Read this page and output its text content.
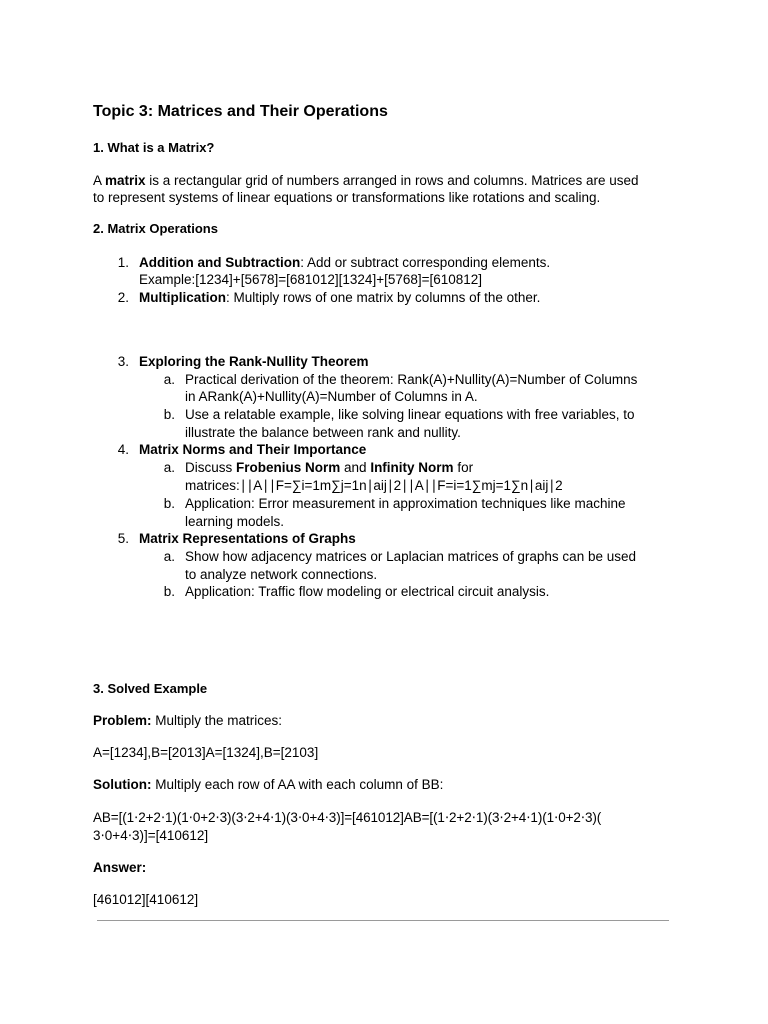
Topic 3: Matrices and Their Operations
1. What is a Matrix?
A matrix is a rectangular grid of numbers arranged in rows and columns. Matrices are used
to represent systems of linear equations or transformations like rotations and scaling.
2. Matrix Operations
1. Addition and Subtraction: Add or subtract corresponding elements.
Example:[1234]+[5678]=[681012][1324]+[5768]=[610812]
2. Multiplication: Multiply rows of one matrix by columns of the other.
3. Exploring the Rank-Nullity Theorem
a. Practical derivation of the theorem: Rank(A)+Nullity(A)=Number of Columns
in ARank(A)+Nullity(A)=Number of Columns in A.
b. Use a relatable example, like solving linear equations with free variables, to
illustrate the balance between rank and nullity.
4. Matrix Norms and Their Importance
a. Discuss Frobenius Norm and Infinity Norm for
matrices:∣∣A∣∣F=∑i=1m∑j=1n∣aij∣2∣∣A∣∣F=i=1∑mj=1∑n∣aij∣2
b. Application: Error measurement in approximation techniques like machine
learning models.
5. Matrix Representations of Graphs
a. Show how adjacency matrices or Laplacian matrices of graphs can be used
to analyze network connections.
b. Application: Traffic flow modeling or electrical circuit analysis.
3. Solved Example
Problem: Multiply the matrices:
A=[1234],B=[2013]A=[1324],B=[2103]
Solution: Multiply each row of AA with each column of BB:
AB=[(1⋅2+2⋅1)(1⋅0+2⋅3)(3⋅2+4⋅1)(3⋅0+4⋅3)]=[461012]AB=[(1⋅2+2⋅1)(3⋅2+4⋅1)(1⋅0+2⋅3)(
3⋅0+4⋅3)]=[410612]
Answer:
[461012][410612]
